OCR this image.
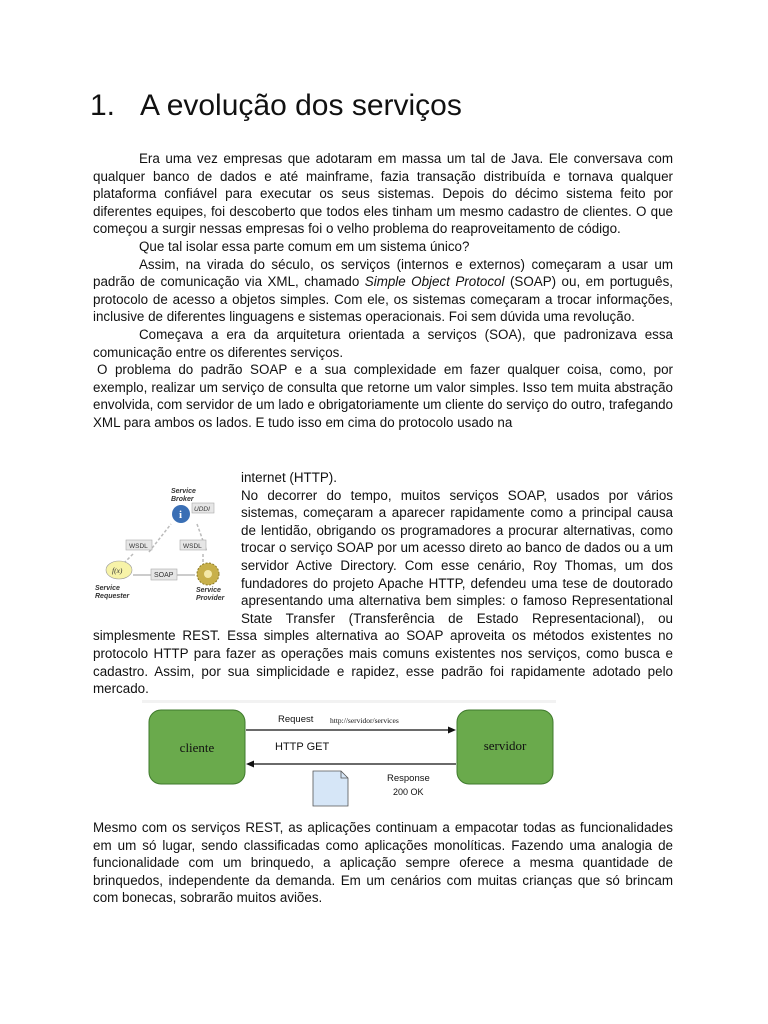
1. A evolução dos serviços

Era uma vez empresas que adotaram em massa um tal de Java. Ele conversava com qualquer banco de dados e até mainframe, fazia transação distribuída e tornava qualquer plataforma confiável para executar os seus sistemas. Depois do décimo sistema feito por diferentes equipes, foi descoberto que todos eles tinham um mesmo cadastro de clientes. O que começou a surgir nessas empresas foi o velho problema do reaproveitamento de código.

Que tal isolar essa parte comum em um sistema único?

Assim, na virada do século, os serviços (internos e externos) começaram a usar um padrão de comunicação via XML, chamado Simple Object Protocol (SOAP) ou, em português, protocolo de acesso a objetos simples. Com ele, os sistemas começaram a trocar informações, inclusive de diferentes linguagens e sistemas operacionais. Foi sem dúvida uma revolução.

Começava a era da arquitetura orientada a serviços (SOA), que padronizava essa comunicação entre os diferentes serviços.

O problema do padrão SOAP e a sua complexidade em fazer qualquer coisa, como, por exemplo, realizar um serviço de consulta que retorne um valor simples. Isso tem muita abstração envolvida, com servidor de um lado e obrigatoriamente um cliente do serviço do outro, trafegando XML para ambos os lados. E tudo isso em cima do protocolo usado na

Service
Broker
i UDDI
WSDL	WSDL
f(x)
Service
Requester
SOAP
Service
Provider

internet (HTTP).

No decorrer do tempo, muitos serviços SOAP, usados por vários sistemas, começaram a aparecer rapidamente como a principal causa de lentidão, obrigando os programadores a procurar alternativas, como trocar o serviço SOAP por um acesso direto ao banco de dados ou a um servidor Active Directory. Com esse cenário, Roy Thomas, um dos fundadores do projeto Apache HTTP, defendeu uma tese de doutorado apresentando uma alternativa bem simples: o famoso Representational State Transfer (Transferência de Estado Representacional), ou simplesmente REST. Essa simples alternativa ao SOAP aproveita os métodos existentes no protocolo HTTP para fazer as operações mais comuns existentes nos serviços, como busca e cadastro. Assim, por sua simplicidade e rapidez, esse padrão foi rapidamente adotado pelo mercado.

cliente	servidor
Request http://servidor/services
HTTP GET
Response
200 OK

Mesmo com os serviços REST, as aplicações continuam a empacotar todas as funcionalidades em um só lugar, sendo classificadas como aplicações monolíticas. Fazendo uma analogia de funcionalidade com um brinquedo, a aplicação sempre oferece a mesma quantidade de brinquedos, independente da demanda. Em um cenários com muitas crianças que só brincam com bonecas, sobrarão muitos aviões.
